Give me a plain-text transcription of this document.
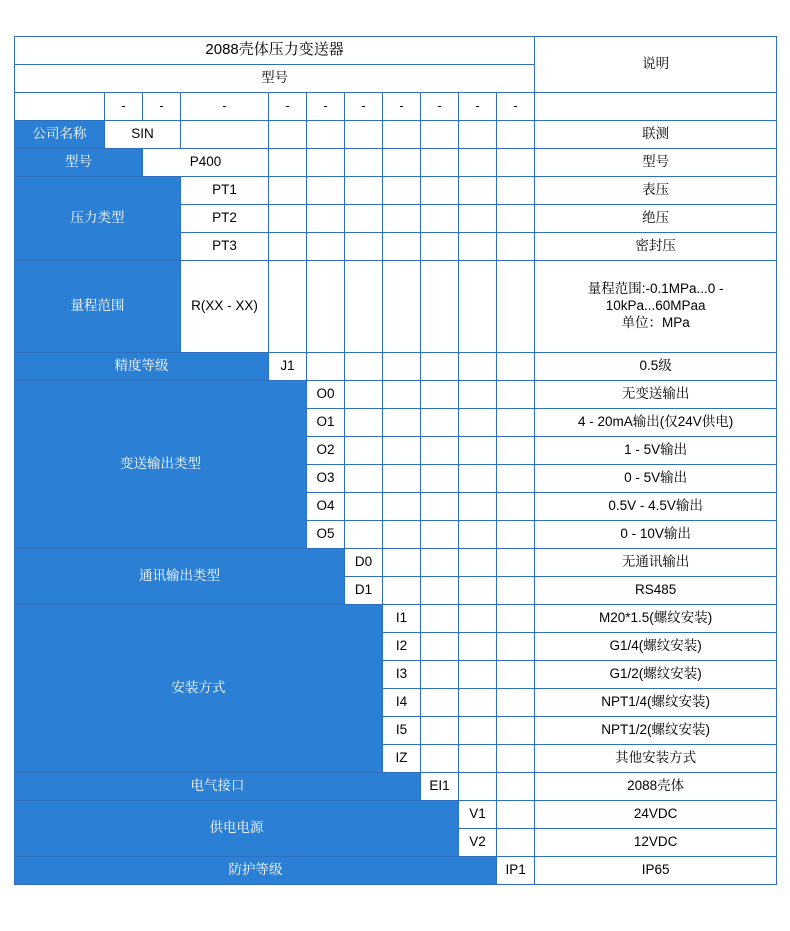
2088壳体压力变送器											说明
型号											
	-	-	-	-	-	-	-	-	-	-	
公司名称	SIN										联测
型号		P400									型号
压力类型			PT1								表压
			PT2								绝压
			PT3								密封压
量程范围			R(XX - XX)								量程范围:-0.1MPa...0 -
10kPa...60MPaa
单位：MPa

精度等级				J1							0.5级
变送输出类型					O0						无变送输出
					O1						4 - 20mA输出(仅24V供电)
					O2						1 - 5V输出
					O3						0 - 5V输出
					O4						0.5V - 4.5V输出
					O5						0 - 10V输出
通讯输出类型						D0					无通讯输出
						D1					RS485
安装方式							I1				M20*1.5(螺纹安装)
							I2				G1/4(螺纹安装)
							I3				G1/2(螺纹安装)
							I4				NPT1/4(螺纹安装)
							I5				NPT1/2(螺纹安装)
							IZ				其他安装方式
电气接口								EI1			2088壳体
供电电源									V1		24VDC
									V2		12VDC
防护等级										IP1	IP65
